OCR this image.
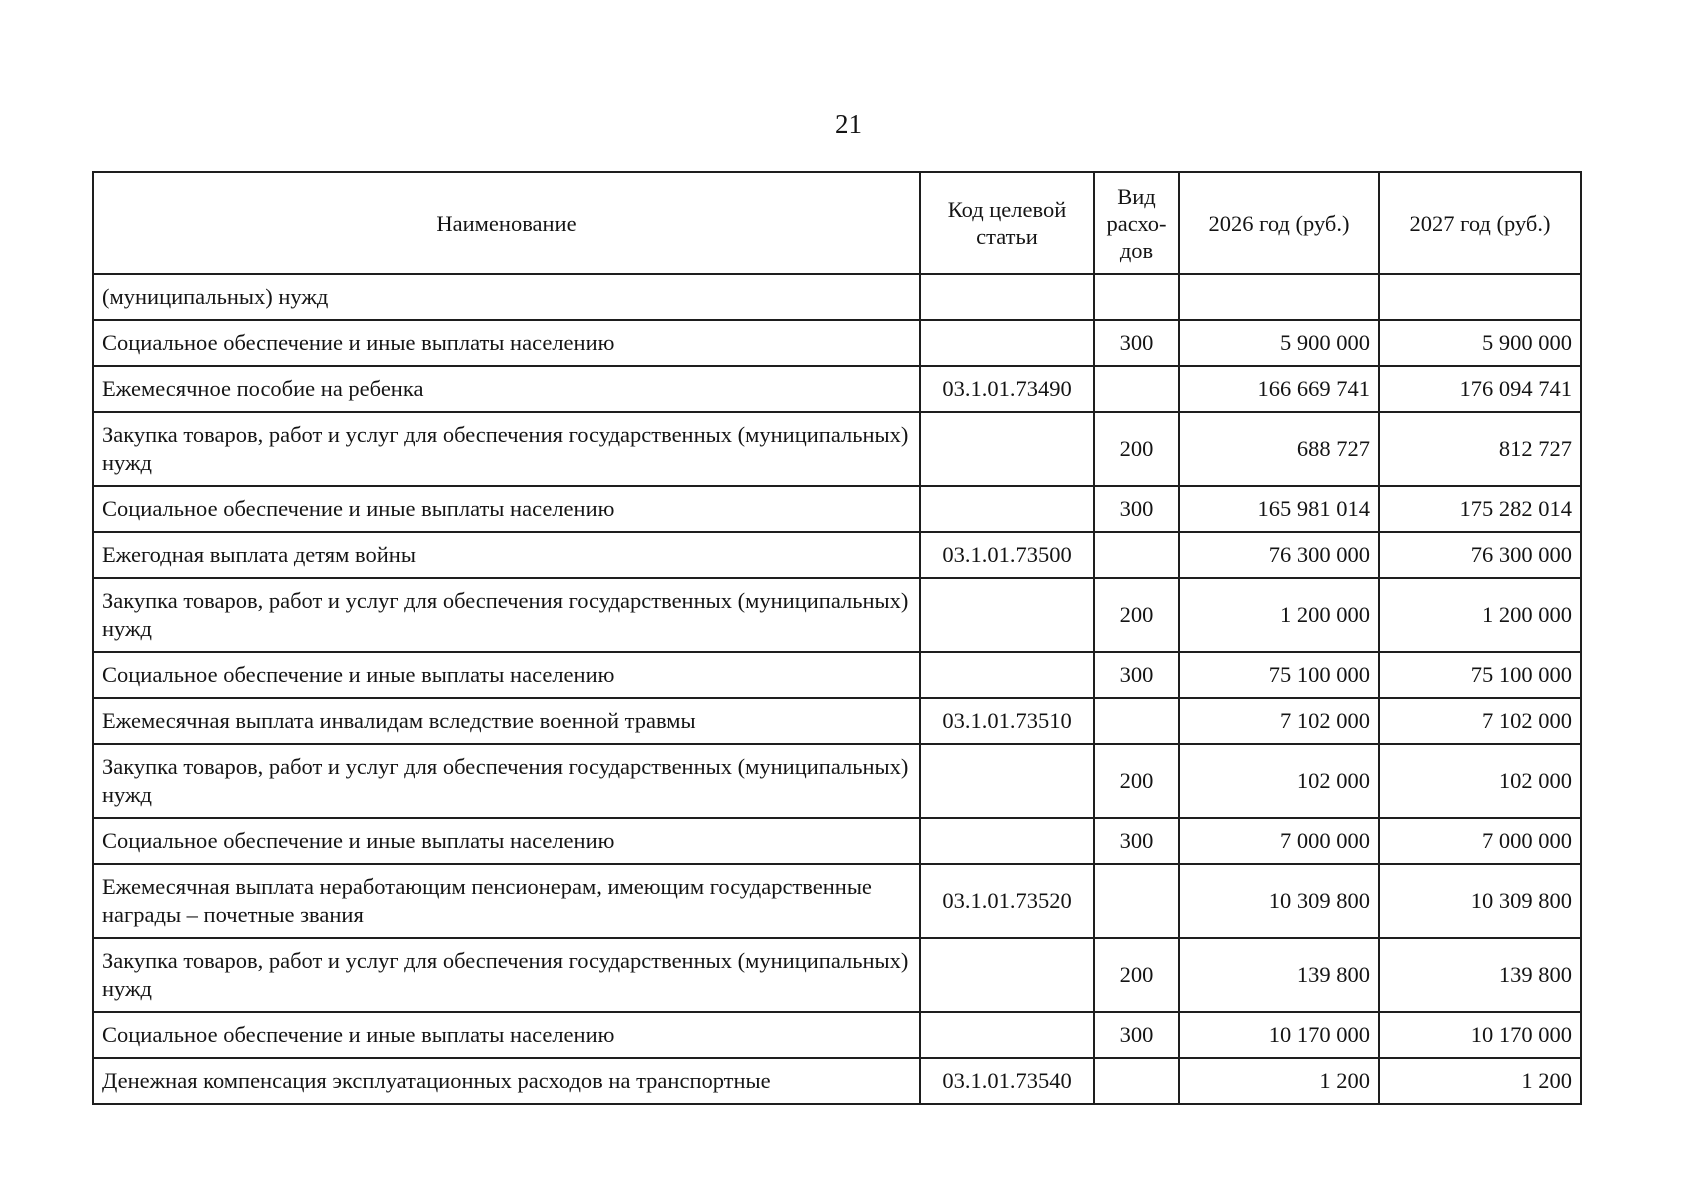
21
Наименование	Код целевой статьи	Вид расхо-дов	2026 год (руб.)	2027 год (руб.)
(муниципальных) нужд				
Социальное обеспечение и иные выплаты населению		300	5 900 000	5 900 000
Ежемесячное пособие на ребенка	03.1.01.73490		166 669 741	176 094 741
Закупка товаров, работ и услуг для обеспечения государственных (муниципальных) нужд		200	688 727	812 727
Социальное обеспечение и иные выплаты населению		300	165 981 014	175 282 014
Ежегодная выплата детям войны	03.1.01.73500		76 300 000	76 300 000
Закупка товаров, работ и услуг для обеспечения государственных (муниципальных) нужд		200	1 200 000	1 200 000
Социальное обеспечение и иные выплаты населению		300	75 100 000	75 100 000
Ежемесячная выплата инвалидам вследствие военной травмы	03.1.01.73510		7 102 000	7 102 000
Закупка товаров, работ и услуг для обеспечения государственных (муниципальных) нужд		200	102 000	102 000
Социальное обеспечение и иные выплаты населению		300	7 000 000	7 000 000
Ежемесячная выплата неработающим пенсионерам, имеющим государственные награды – почетные звания	03.1.01.73520		10 309 800	10 309 800
Закупка товаров, работ и услуг для обеспечения государственных (муниципальных) нужд		200	139 800	139 800
Социальное обеспечение и иные выплаты населению		300	10 170 000	10 170 000
Денежная компенсация эксплуатационных расходов на транспортные	03.1.01.73540		1 200	1 200
